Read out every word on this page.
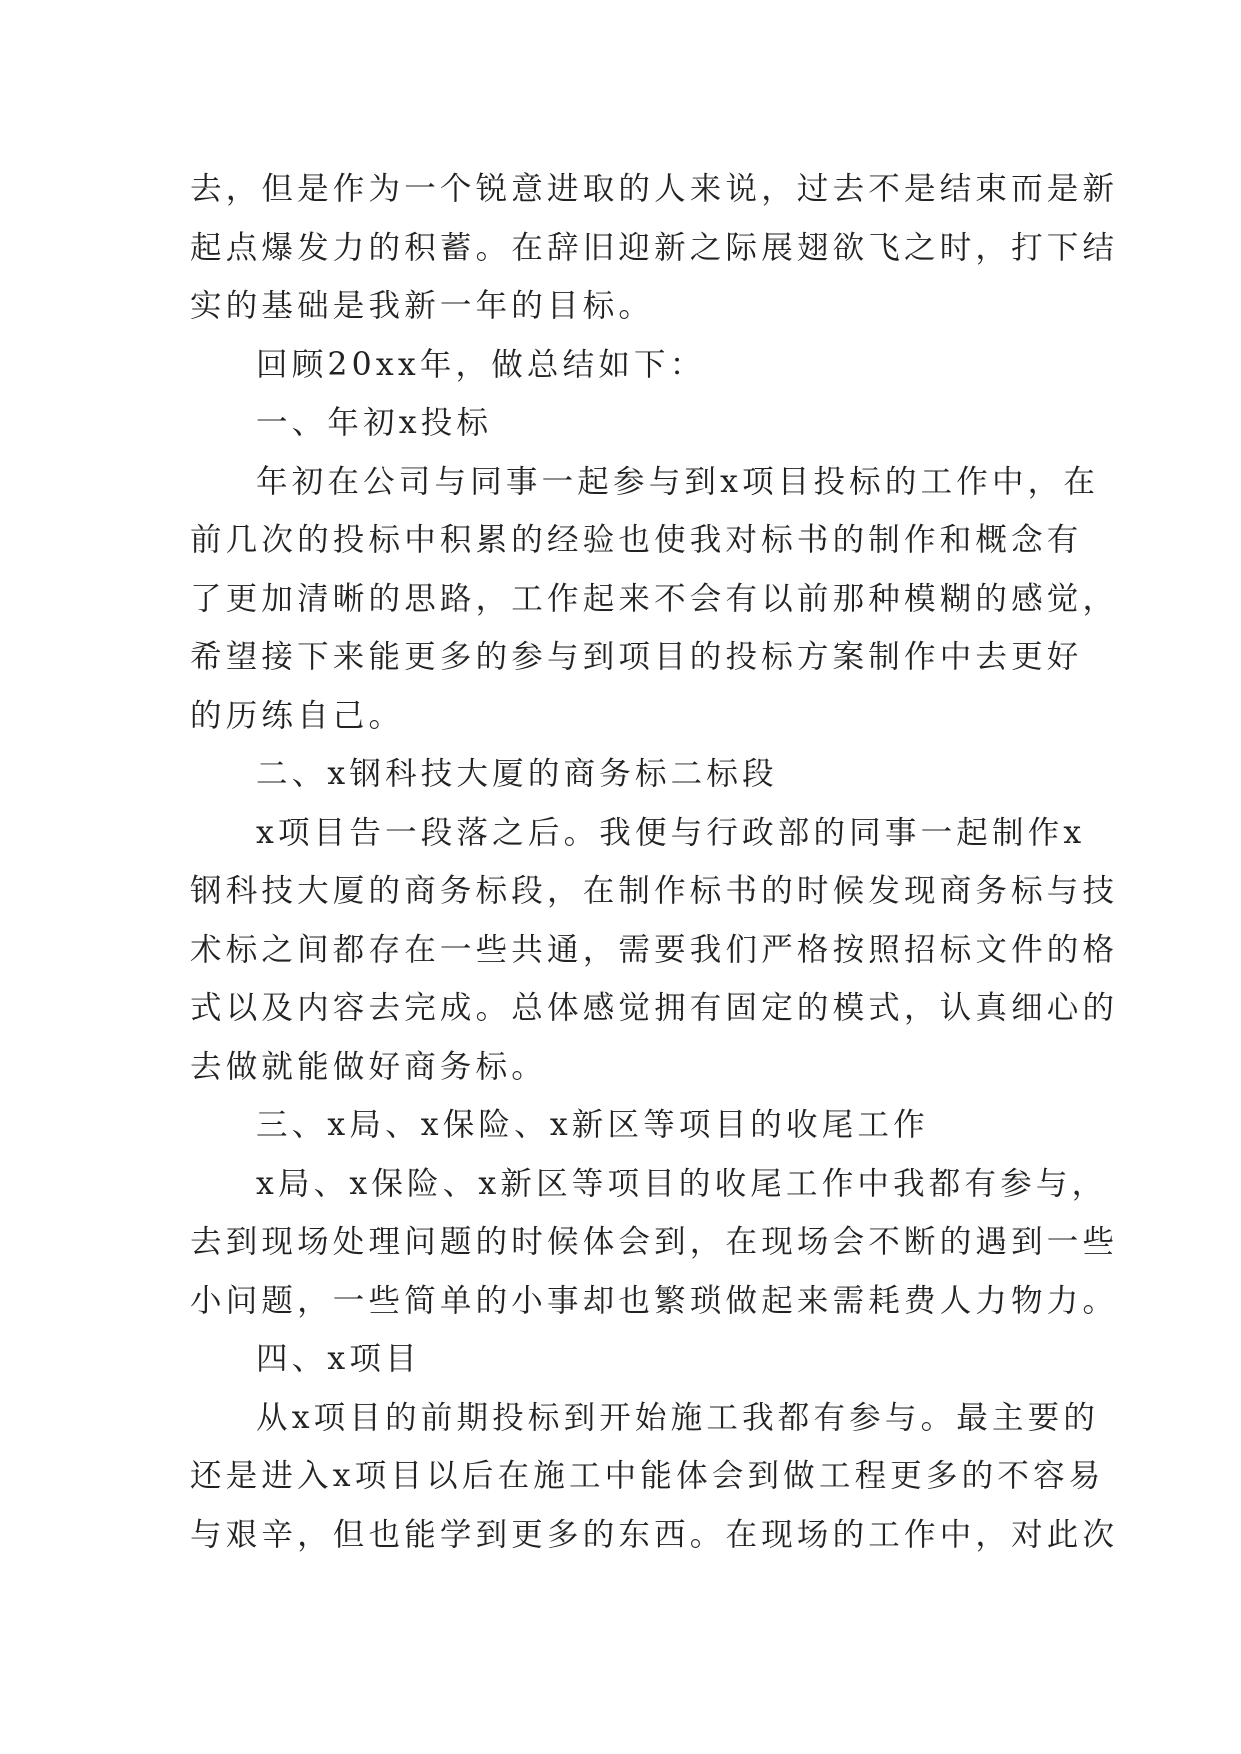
去，但是作为一个锐意进取的人来说，过去不是结束而是新
起点爆发力的积蓄。在辞旧迎新之际展翅欲飞之时，打下结
实的基础是我新一年的目标。
回顾20xx年，做总结如下：
一、年初x投标
年初在公司与同事一起参与到x项目投标的工作中，在
前几次的投标中积累的经验也使我对标书的制作和概念有
了更加清晰的思路，工作起来不会有以前那种模糊的感觉，
希望接下来能更多的参与到项目的投标方案制作中去更好
的历练自己。
二、x钢科技大厦的商务标二标段
x项目告一段落之后。我便与行政部的同事一起制作x
钢科技大厦的商务标段，在制作标书的时候发现商务标与技
术标之间都存在一些共通，需要我们严格按照招标文件的格
式以及内容去完成。总体感觉拥有固定的模式，认真细心的
去做就能做好商务标。
三、x局、x保险、x新区等项目的收尾工作
x局、x保险、x新区等项目的收尾工作中我都有参与，
去到现场处理问题的时候体会到，在现场会不断的遇到一些
小问题，一些简单的小事却也繁琐做起来需耗费人力物力。
四、x项目
从x项目的前期投标到开始施工我都有参与。最主要的
还是进入x项目以后在施工中能体会到做工程更多的不容易
与艰辛，但也能学到更多的东西。在现场的工作中，对此次
